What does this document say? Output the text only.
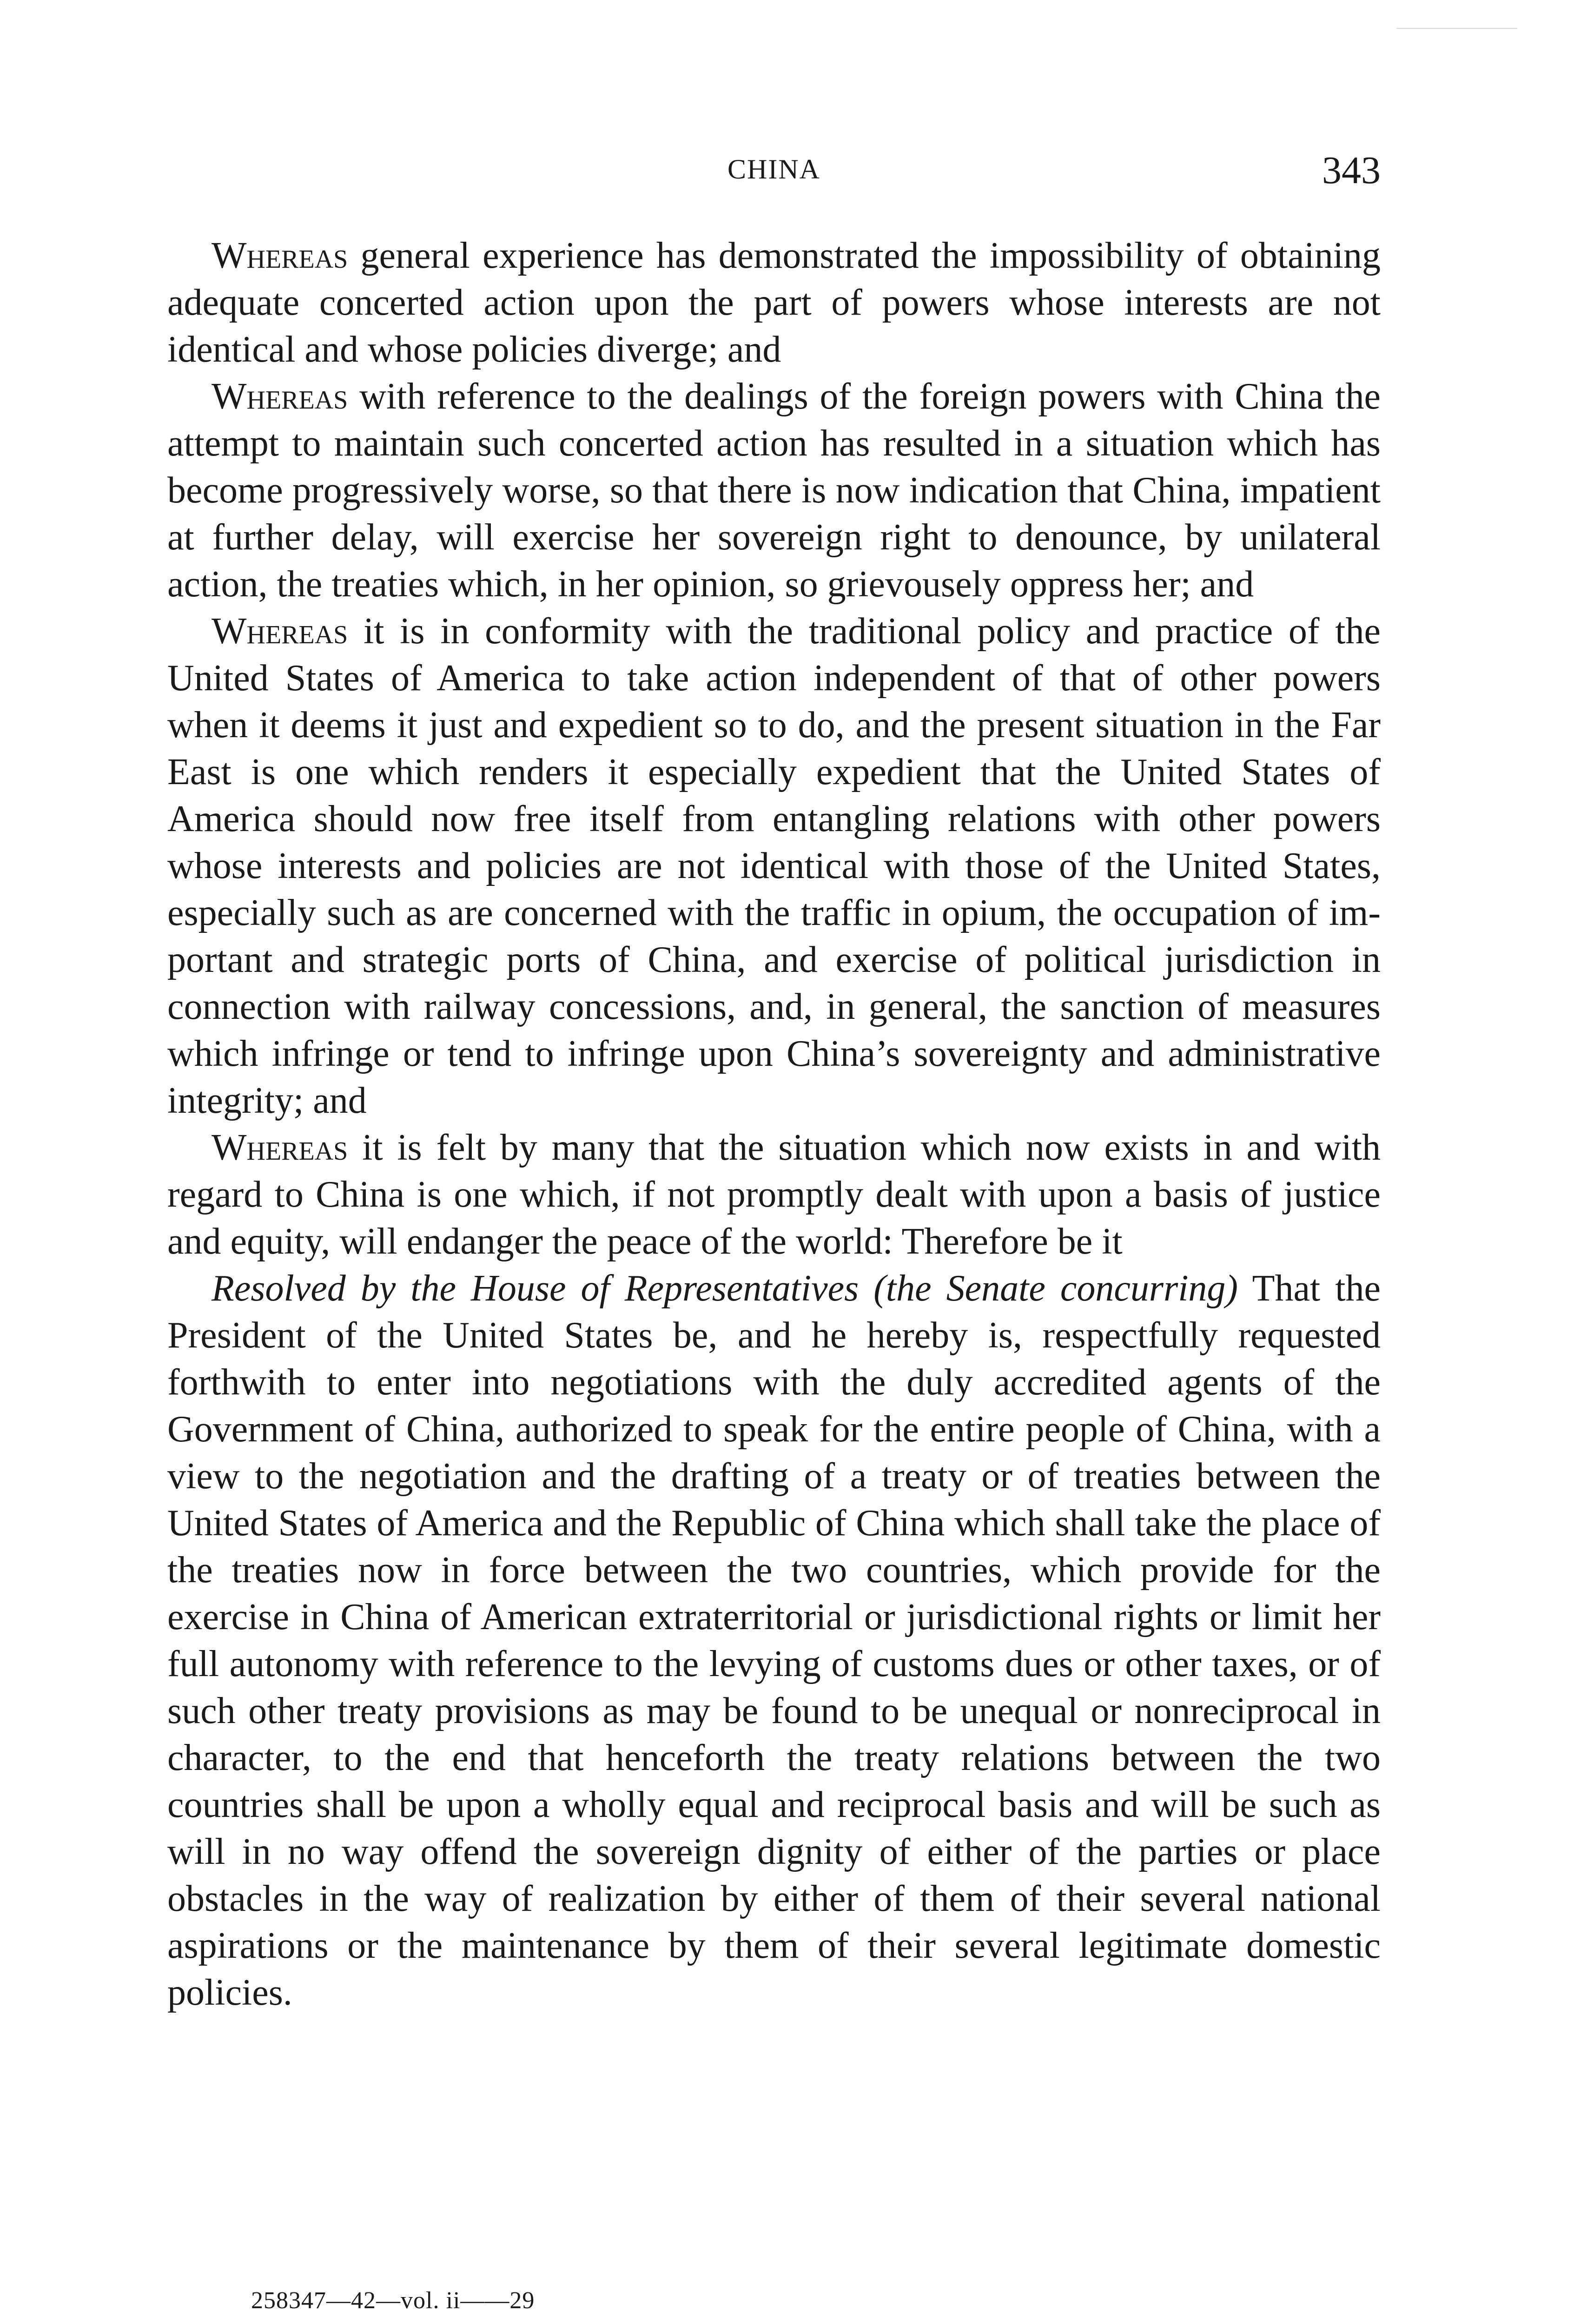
CHINA	343

Whereas general experience has demonstrated the impossibility of obtaining adequate concerted action upon the part of powers whose interests are not identical and whose policies diverge; and

Whereas with reference to the dealings of the foreign powers with China the attempt to maintain such concerted action has resulted in a situation which has become progressively worse, so that there is now indication that China, impatient at further delay, will exercise her sovereign right to denounce, by unilateral action, the treaties which, in her opinion, so grievousely oppress her; and

Whereas it is in conformity with the traditional policy and practice of the United States of America to take action independent of that of other powers when it deems it just and expedient so to do, and the present situation in the Far East is one which renders it especially expedient that the United States of America should now free itself from entangling relations with other powers whose interests and policies are not identical with those of the United States, especially such as are concerned with the traffic in opium, the occupation of important and strategic ports of China, and exercise of political jurisdiction in connection with railway concessions, and, in general, the sanction of measures which infringe or tend to infringe upon China’s sovereignty and administrative integrity; and

Whereas it is felt by many that the situation which now exists in and with regard to China is one which, if not promptly dealt with upon a basis of justice and equity, will endanger the peace of the world: Therefore be it

Resolved by the House of Representatives (the Senate concurring) That the President of the United States be, and he hereby is, respectfully requested forthwith to enter into negotiations with the duly accredited agents of the Government of China, authorized to speak for the entire people of China, with a view to the negotiation and the drafting of a treaty or of treaties between the United States of America and the Republic of China which shall take the place of the treaties now in force between the two countries, which provide for the exercise in China of American extraterritorial or jurisdictional rights or limit her full autonomy with reference to the levying of customs dues or other taxes, or of such other treaty provisions as may be found to be unequal or nonreciprocal in character, to the end that henceforth the treaty relations between the two countries shall be upon a wholly equal and reciprocal basis and will be such as will in no way offend the sovereign dignity of either of the parties or place obstacles in the way of realization by either of them of their several national aspirations or the maintenance by them of their several legitimate domestic policies.

258347—42—vol. ii——29
